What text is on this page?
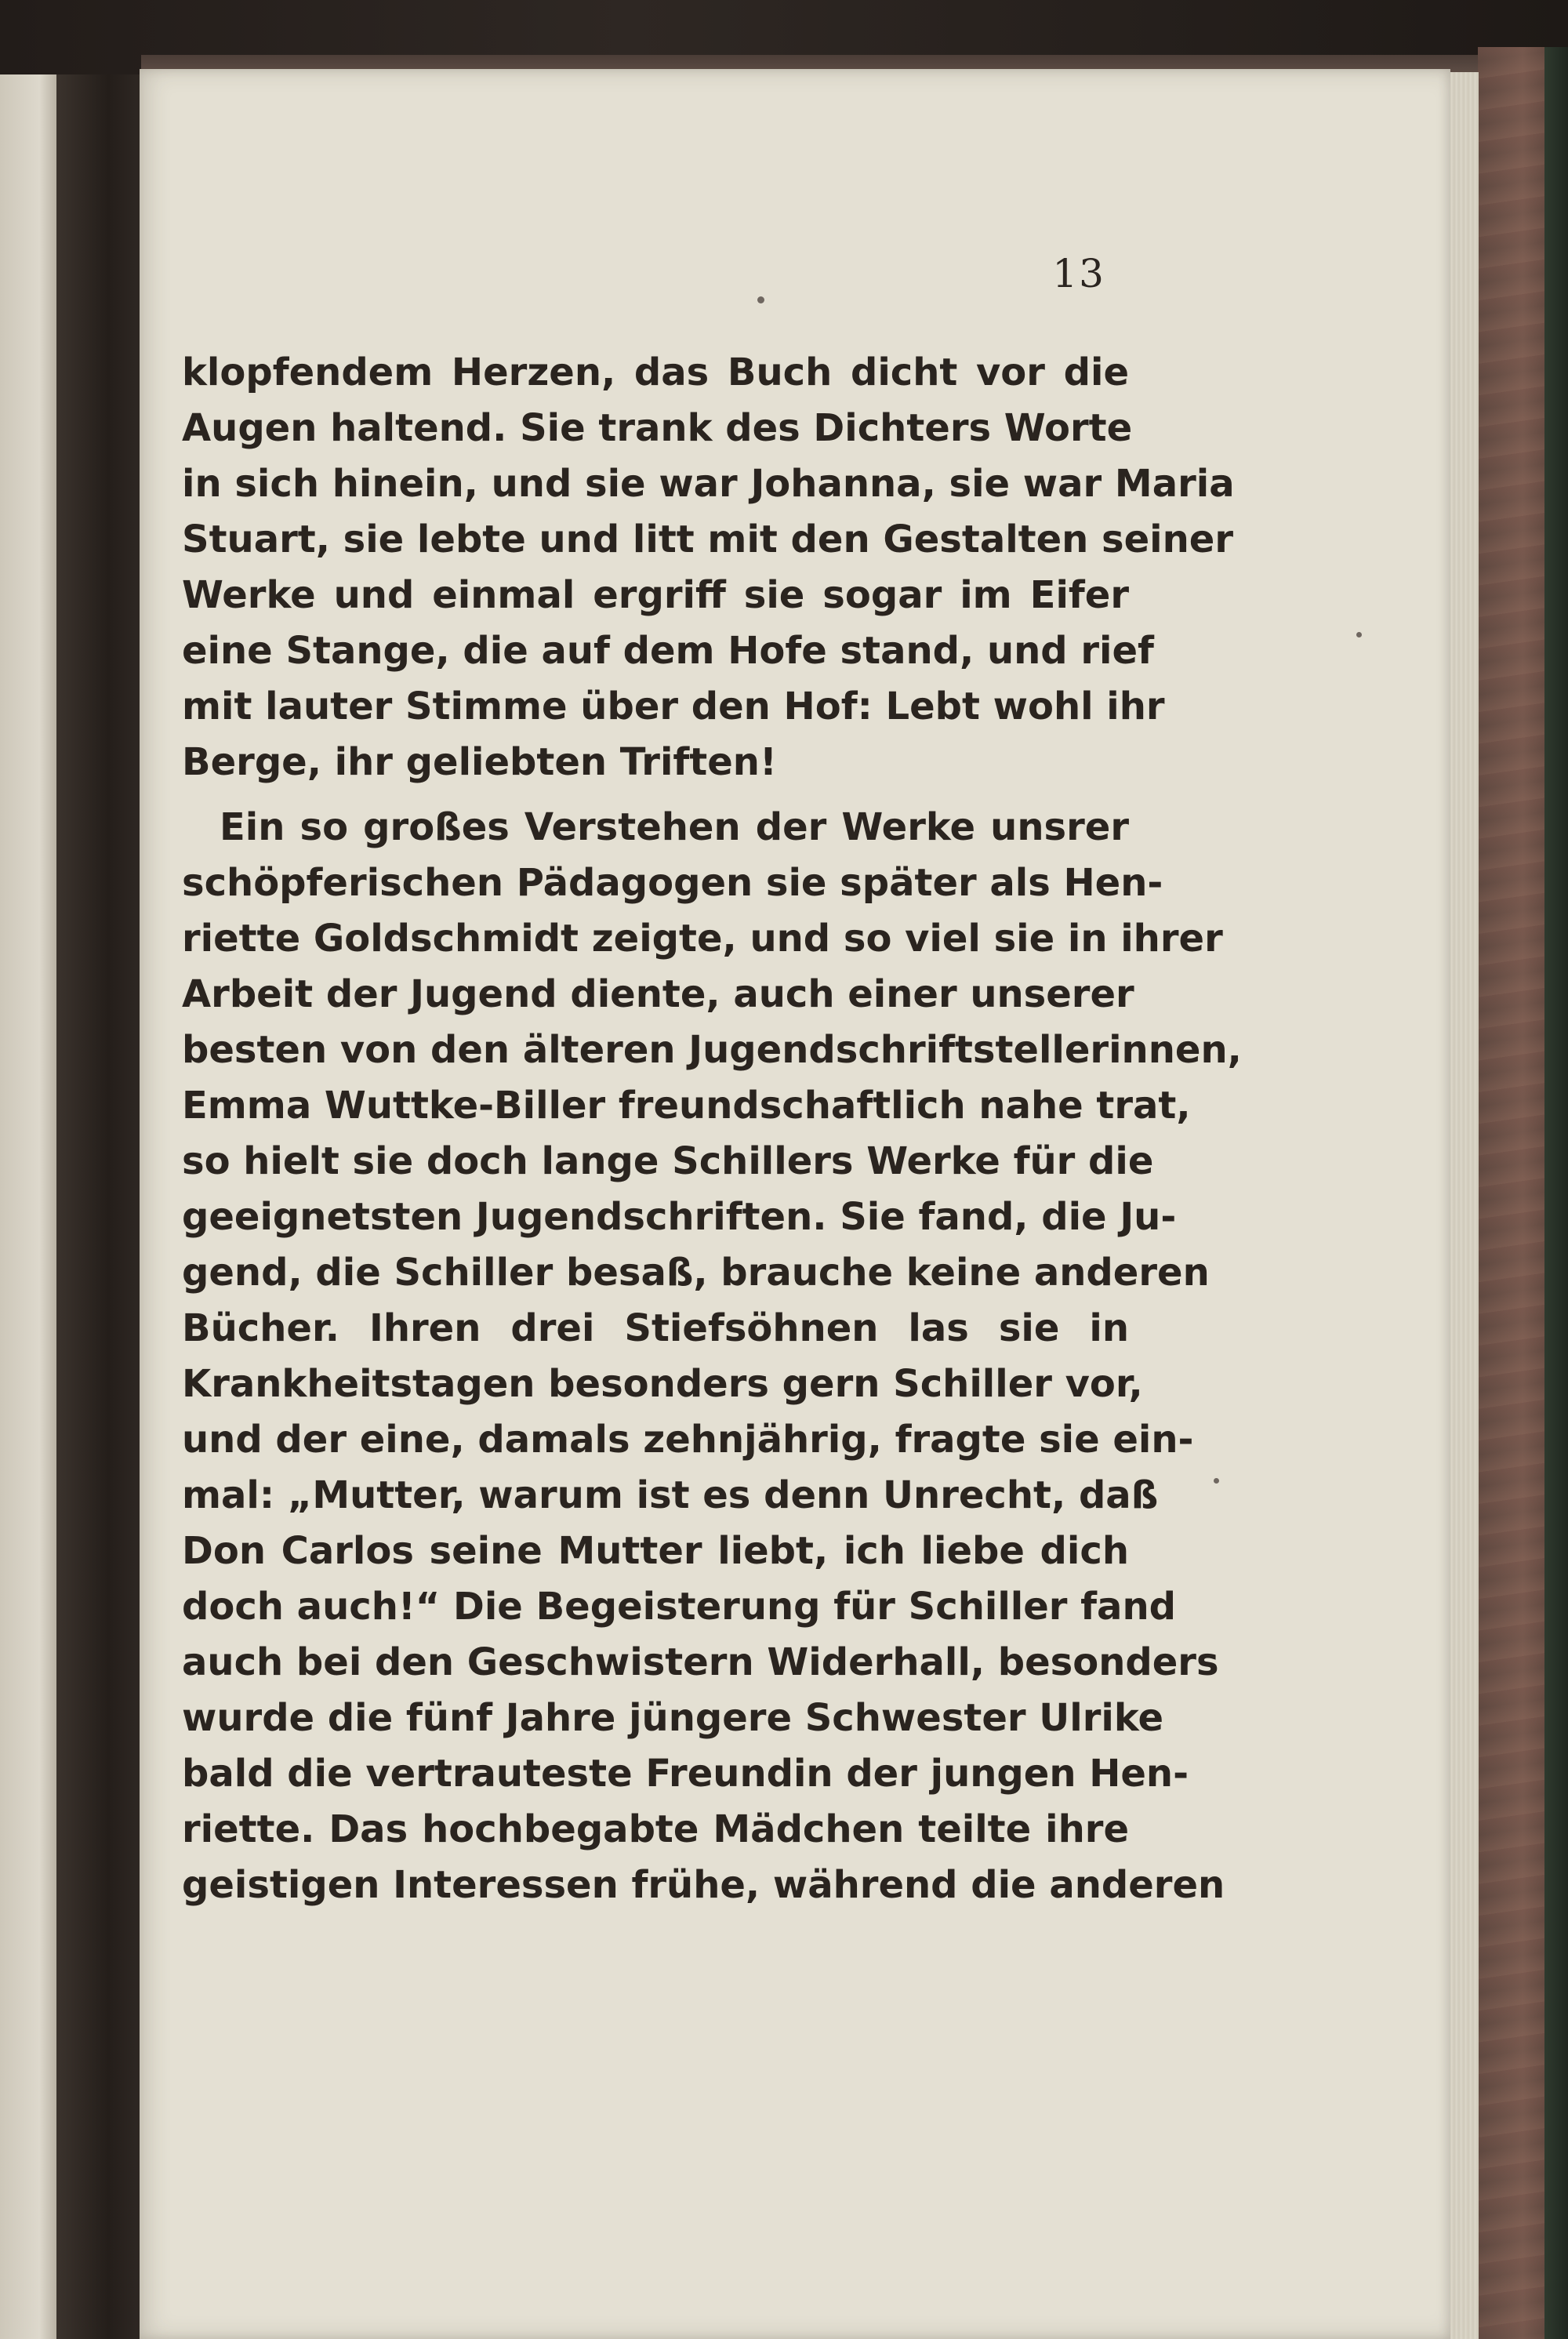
13
klopfendem Herzen, das Buch dicht vor die
Augen haltend. Sie trank des Dichters Worte
in sich hinein, und sie war Johanna, sie war Maria
Stuart, sie lebte und litt mit den Gestalten seiner
Werke und einmal ergriff sie sogar im Eifer
eine Stange, die auf dem Hofe stand, und rief
mit lauter Stimme über den Hof: Lebt wohl ihr
Berge, ihr geliebten Triften!
Ein so großes Verstehen der Werke unsrer
schöpferischen Pädagogen sie später als Hen-
riette Goldschmidt zeigte, und so viel sie in ihrer
Arbeit der Jugend diente, auch einer unserer
besten von den älteren Jugendschriftstellerinnen,
Emma Wuttke-Biller freundschaftlich nahe trat,
so hielt sie doch lange Schillers Werke für die
geeignetsten Jugendschriften. Sie fand, die Ju-
gend, die Schiller besaß, brauche keine anderen
Bücher. Ihren drei Stiefsöhnen las sie in
Krankheitstagen besonders gern Schiller vor,
und der eine, damals zehnjährig, fragte sie ein-
mal: „Mutter, warum ist es denn Unrecht, daß
Don Carlos seine Mutter liebt, ich liebe dich
doch auch!“ Die Begeisterung für Schiller fand
auch bei den Geschwistern Widerhall, besonders
wurde die fünf Jahre jüngere Schwester Ulrike
bald die vertrauteste Freundin der jungen Hen-
riette. Das hochbegabte Mädchen teilte ihre
geistigen Interessen frühe, während die anderen
